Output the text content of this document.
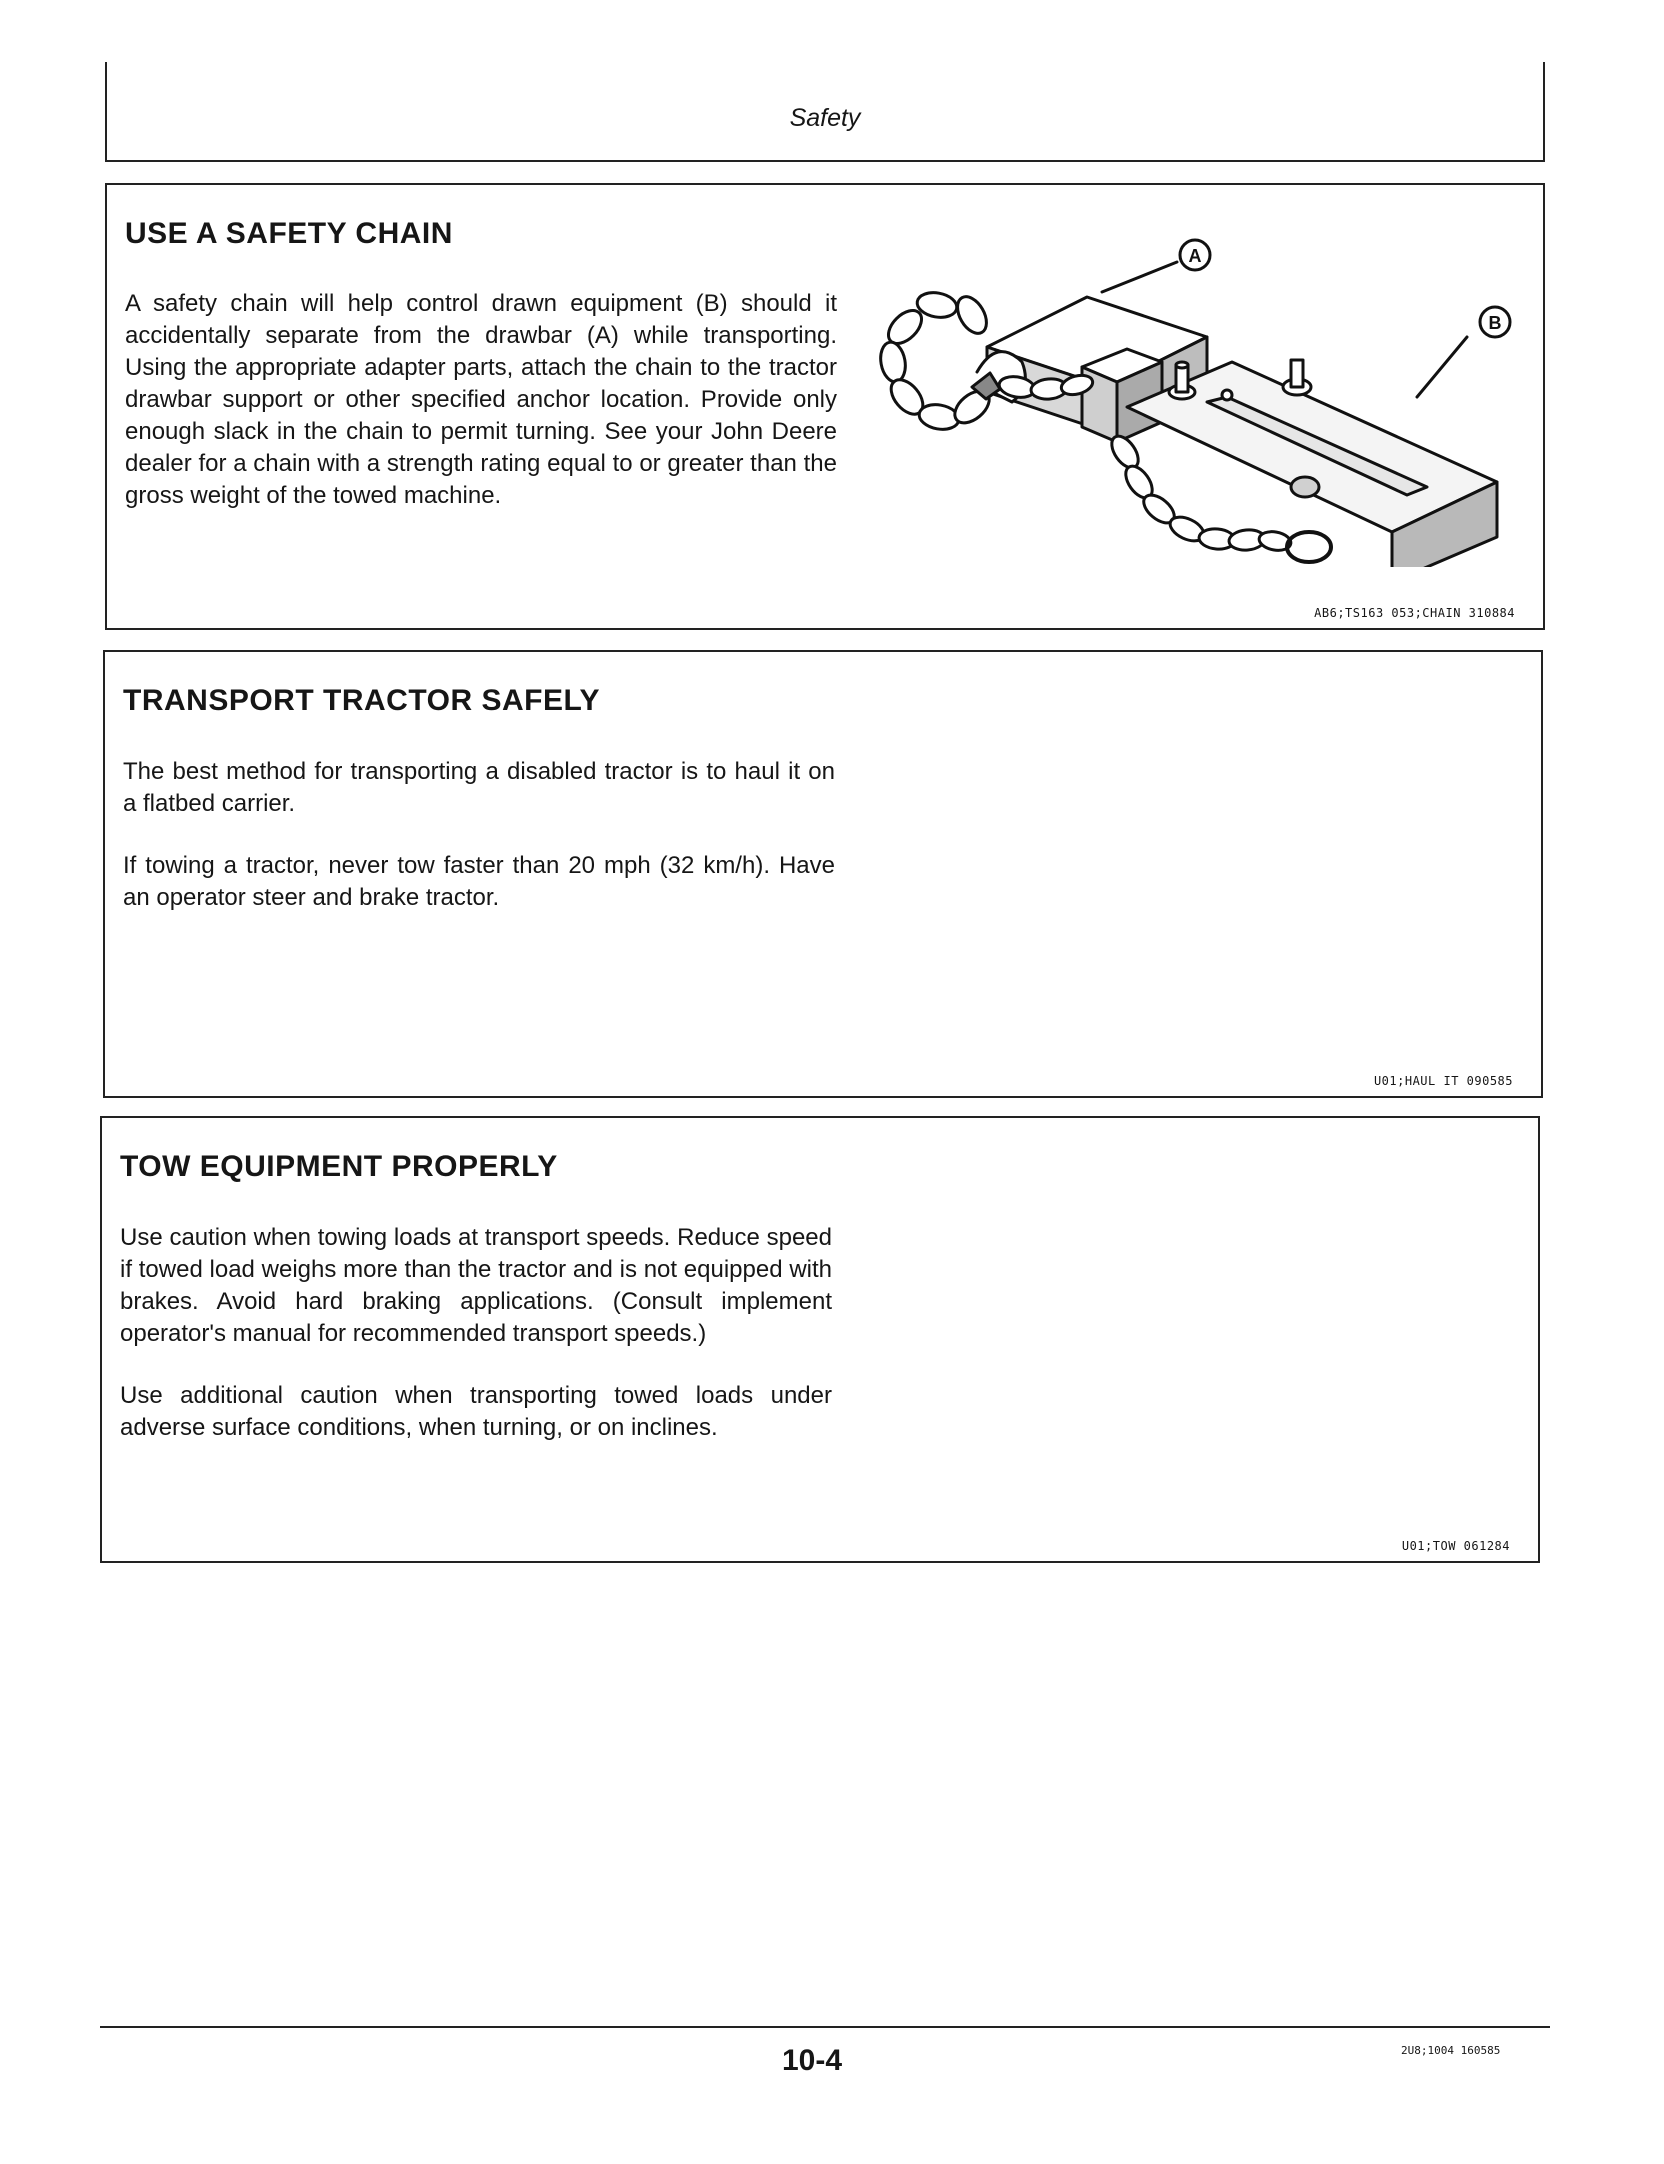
Safety
USE A SAFETY CHAIN

A safety chain will help control drawn equipment (B) should it accidentally separate from the drawbar (A) while transporting. Using the appropriate adapter parts, attach the chain to the tractor drawbar support or other specified anchor location. Provide only enough slack in the chain to permit turning. See your John Deere dealer for a chain with a strength rating equal to or greater than the gross weight of the towed machine.

A
B
AB6;TS163 053;CHAIN 310884
TRANSPORT TRACTOR SAFELY

The best method for transporting a disabled tractor is to haul it on a flatbed carrier.

If towing a tractor, never tow faster than 20 mph (32 km/h). Have an operator steer and brake tractor.

U01;HAUL IT 090585
TOW EQUIPMENT PROPERLY

Use caution when towing loads at transport speeds. Reduce speed if towed load weighs more than the tractor and is not equipped with brakes. Avoid hard braking applications. (Consult implement operator's manual for recommended transport speeds.)

Use additional caution when transporting towed loads under adverse surface conditions, when turning, or on inclines.

U01;TOW 061284
10-4	2U8;1004 160585
